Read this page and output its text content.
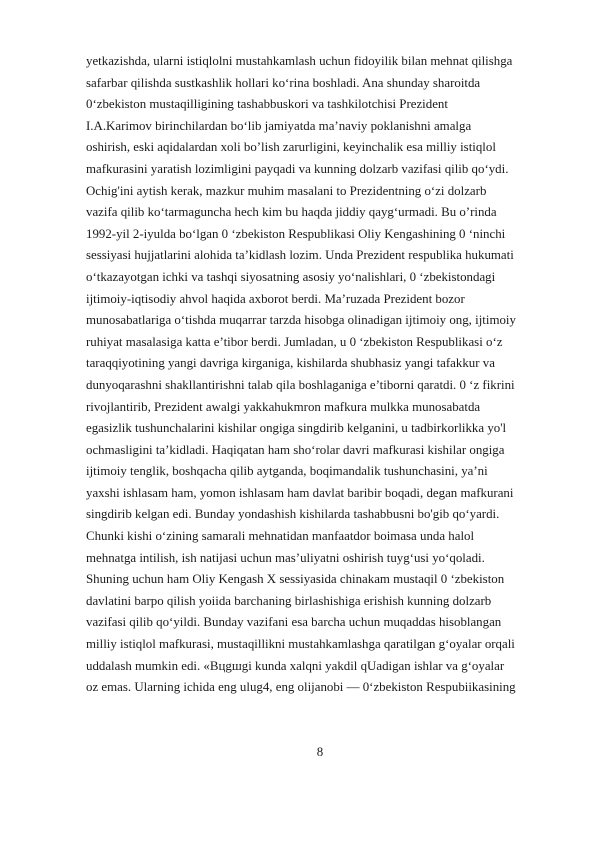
yetkazishda, ularni istiqlolni mustahkamlash uchun fidoyilik bilan mehnat qilishga
safarbar qilishda sustkashlik hollari ko‘rina boshladi. Ana shunday sharoitda
0‘zbekiston mustaqilligining tashabbuskori va tashkilotchisi Prezident
I.A.Karimov birinchilardan bo‘lib jamiyatda ma’naviy poklanishni amalga
oshirish, eski aqidalardan xoli bo’lish zarurligini, keyinchalik esa milliy istiqlol
mafkurasini yaratish lozimligini payqadi va kunning dolzarb vazifasi qilib qo‘ydi.
Ochig'ini aytish kerak, mazkur muhim masalani to Prezidentning o‘zi dolzarb
vazifa qilib ko‘tarmaguncha hech kim bu haqda jiddiy qayg‘urmadi. Bu o’rinda
1992-yil 2-iyulda bo‘lgan 0 ‘zbekiston Respublikasi Oliy Kengashining 0 ‘ninchi
sessiyasi hujjatlarini alohida ta’kidlash lozim. Unda Prezident respublika hukumati
o‘tkazayotgan ichki va tashqi siyosatning asosiy yo‘nalishlari, 0 ‘zbekistondagi
ijtimoiy-iqtisodiy ahvol haqida axborot berdi. Ma’ruzada Prezident bozor
munosabatlariga o‘tishda muqarrar tarzda hisobga olinadigan ijtimoiy ong, ijtimoiy
ruhiyat masalasiga katta e’tibor berdi. Jumladan, u 0 ‘zbekiston Respublikasi o‘z
taraqqiyotining yangi davriga kirganiga, kishilarda shubhasiz yangi tafakkur va
dunyoqarashni shakllantirishni talab qila boshlaganiga e’tiborni qaratdi. 0 ‘z fikrini
rivojlantirib, Prezident awalgi yakkahukmron mafkura mulkka munosabatda
egasizlik tushunchalarini kishilar ongiga singdirib kelganini, u tadbirkorlikka yo'l
ochmasligini ta’kidladi. Haqiqatan ham sho‘rolar davri mafkurasi kishilar ongiga
ijtimoiy tenglik, boshqacha qilib aytganda, boqimandalik tushunchasini, ya’ni
yaxshi ishlasam ham, yomon ishlasam ham davlat baribir boqadi, degan mafkurani
singdirib kelgan edi. Bunday yondashish kishilarda tashabbusni bo'gib qo‘yardi.
Chunki kishi o‘zining samarali mehnatidan manfaatdor boimasa unda halol
mehnatga intilish, ish natijasi uchun mas’uliyatni oshirish tuyg‘usi yo‘qoladi.
Shuning uchun ham Oliy Kengash X sessiyasida chinakam mustaqil 0 ‘zbekiston
davlatini barpo qilish yoiida barchaning birlashishiga erishish kunning dolzarb
vazifasi qilib qo‘yildi. Bunday vazifani esa barcha uchun muqaddas hisoblangan
milliy istiqlol mafkurasi, mustaqillikni mustahkamlashga qaratilgan g‘oyalar orqali
uddalash mumkin edi. «Bцgшgi kunda xalqni yakdil qUadigan ishlar va g‘oyalar
oz emas. Ularning ichida eng ulug4, eng olijanobi — 0‘zbekiston Respubiikasining
8
